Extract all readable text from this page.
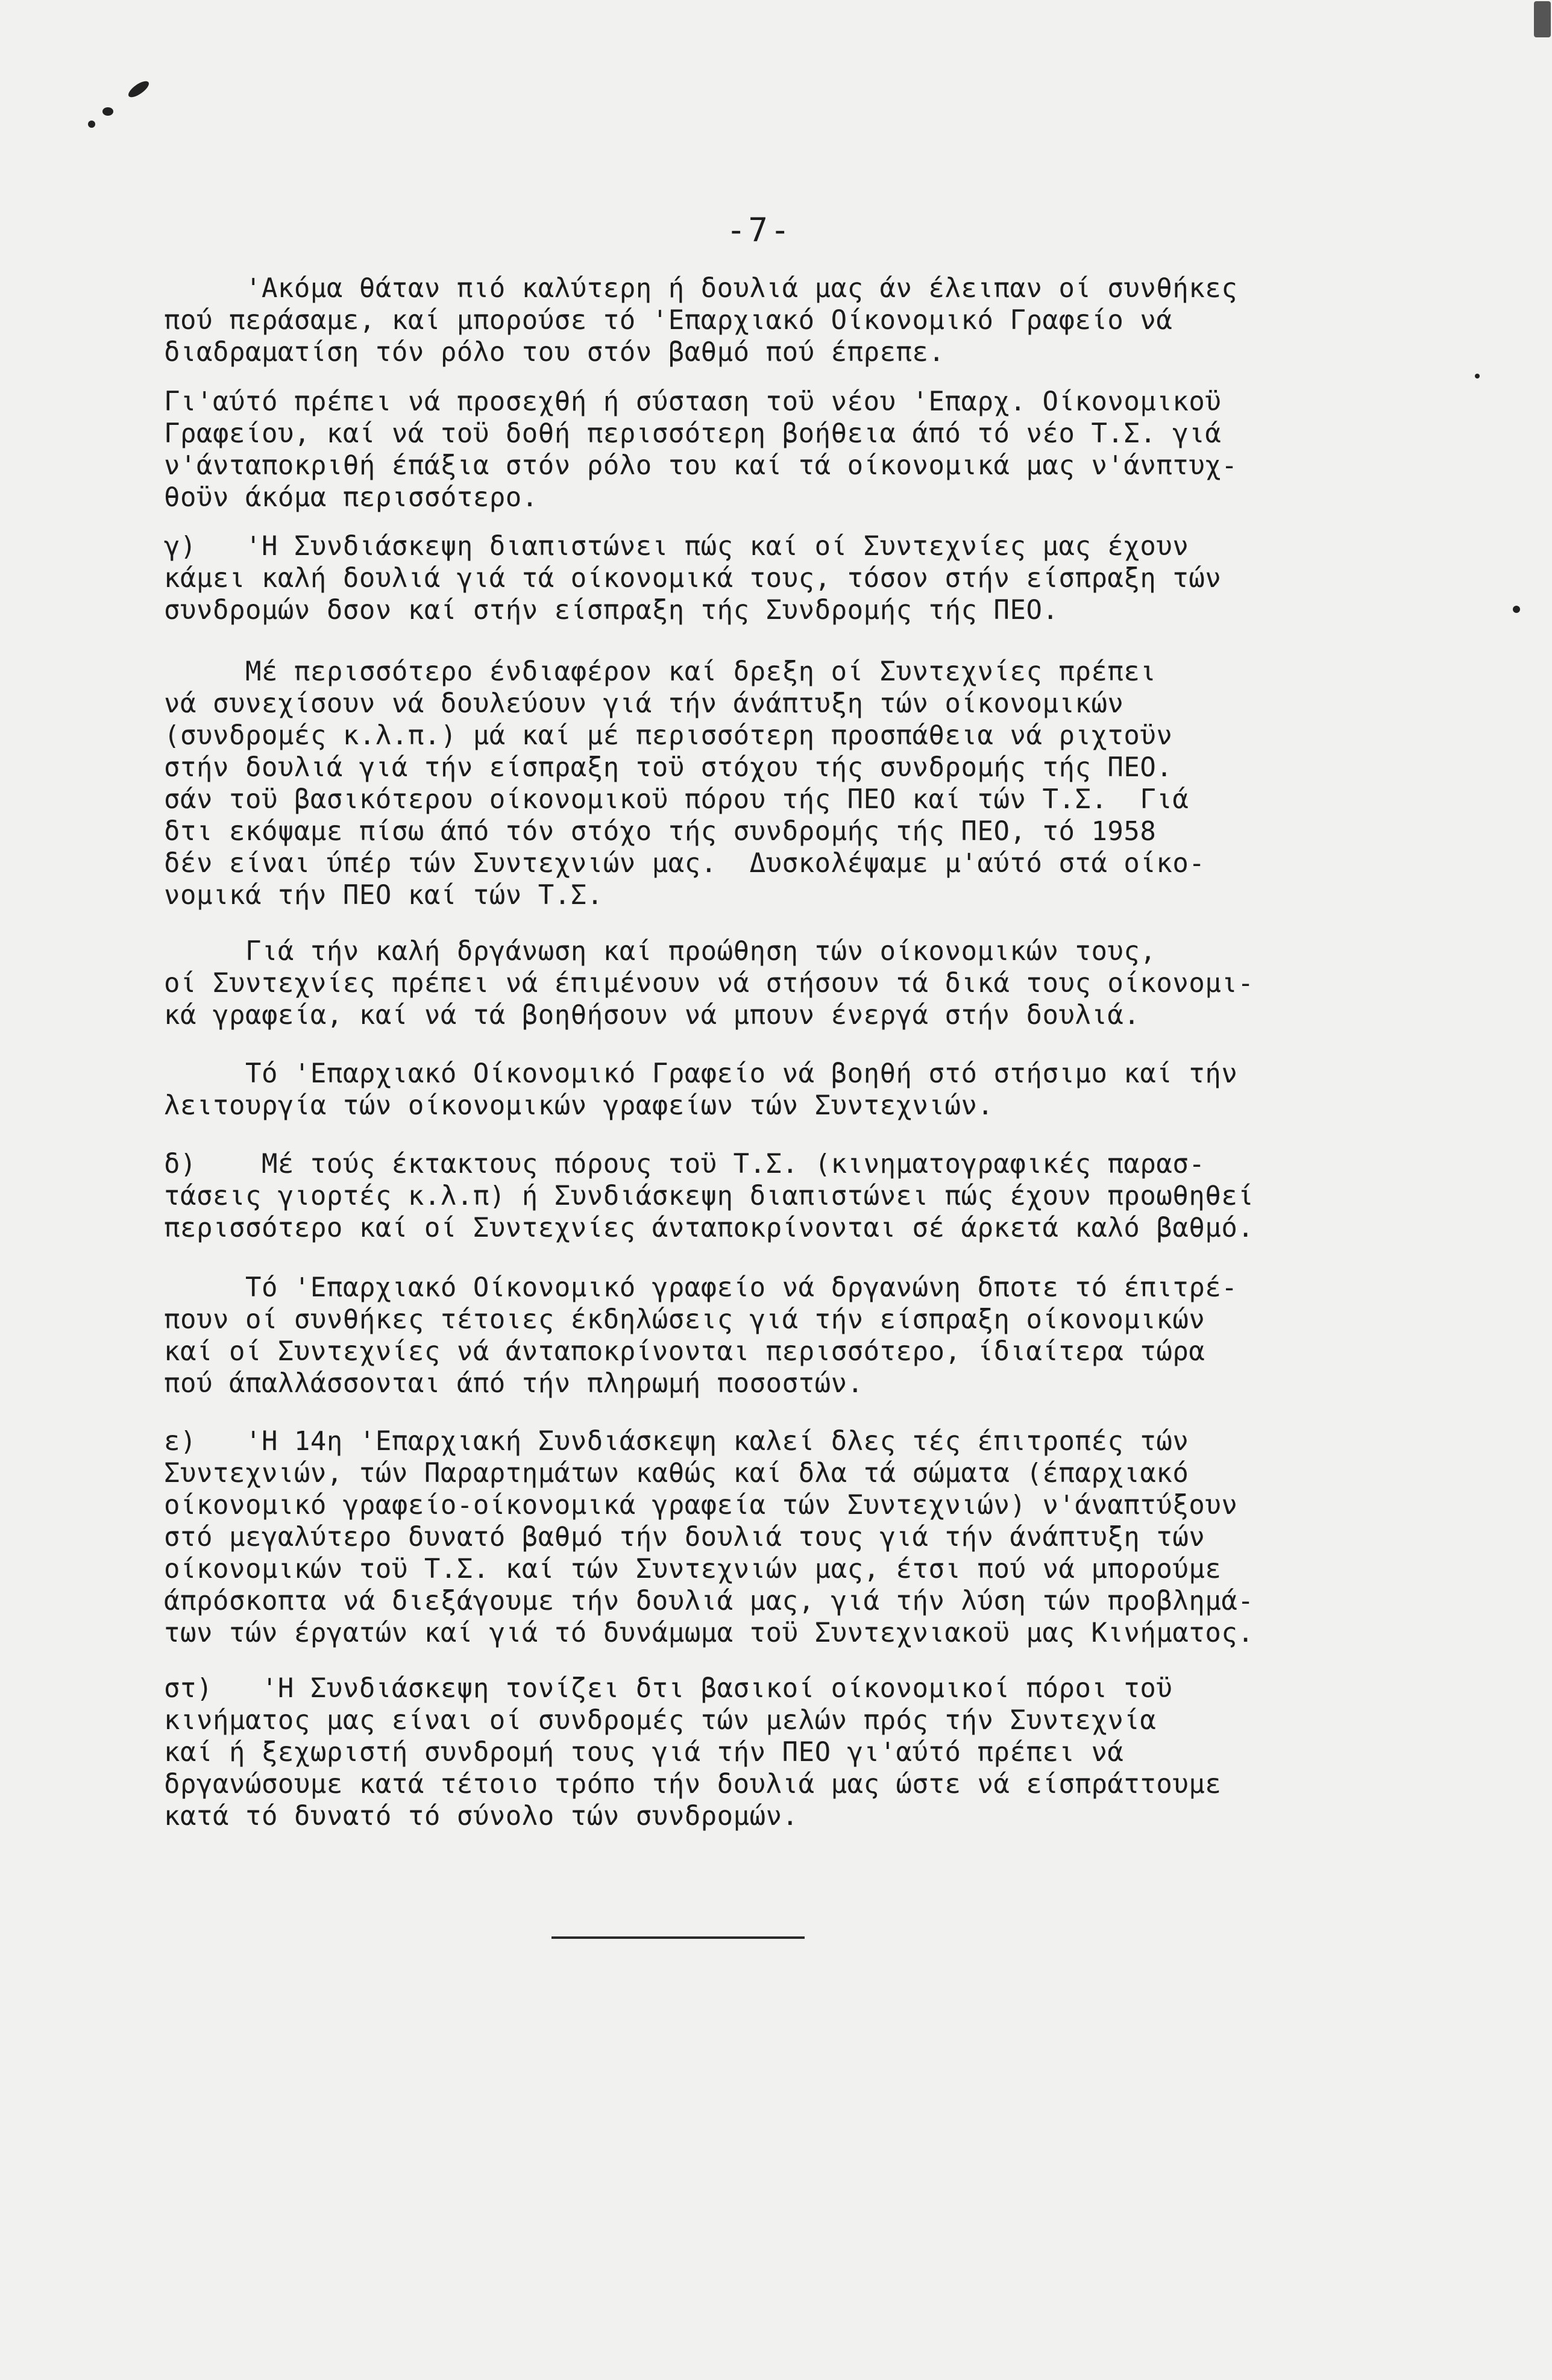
-7-
'Ακόμα θάταν πιό καλύτερη ή δουλιά μας άν έλειπαν οί συνθήκες
πού περάσαμε, καί μπορούσε τό 'Επαρχιακό Οίκονομικό Γραφείο νά
διαδραματίση τόν ρόλο του στόν βαθμό πού έπρεπε.
Γι'αύτό πρέπει νά προσεχθή ή σύσταση τοϋ νέου 'Επαρχ. Οίκονομικοϋ
Γραφείου, καί νά τοϋ δοθή περισσότερη βοήθεια άπό τό νέο Τ.Σ. γιά
ν'άνταποκριθή έπάξια στόν ρόλο του καί τά οίκονομικά μας ν'άνπτυχ-
θοϋν άκόμα περισσότερο.
γ)   'Η Συνδιάσκεψη διαπιστώνει πώς καί οί Συντεχνίες μας έχουν
κάμει καλή δουλιά γιά τά οίκονομικά τους, τόσον στήν είσπραξη τών
συνδρομών δσον καί στήν είσπραξη τής Συνδρομής τής ΠΕΟ.
Μέ περισσότερο ένδιαφέρον καί δρεξη οί Συντεχνίες πρέπει
νά συνεχίσουν νά δουλεύουν γιά τήν άνάπτυξη τών οίκονομικών
(συνδρομές κ.λ.π.) μά καί μέ περισσότερη προσπάθεια νά ριχτοϋν
στήν δουλιά γιά τήν είσπραξη τοϋ στόχου τής συνδρομής τής ΠΕΟ.
σάν τοϋ βασικότερου οίκονομικοϋ πόρου τής ΠΕΟ καί τών Τ.Σ.  Γιά
δτι εκόψαμε πίσω άπό τόν στόχο τής συνδρομής τής ΠΕΟ, τό 1958
δέν είναι ύπέρ τών Συντεχνιών μας.  Δυσκολέψαμε μ'αύτό στά οίκο-
νομικά τήν ΠΕΟ καί τών Τ.Σ.
Γιά τήν καλή δργάνωση καί προώθηση τών οίκονομικών τους,
οί Συντεχνίες πρέπει νά έπιμένουν νά στήσουν τά δικά τους οίκονομι-
κά γραφεία, καί νά τά βοηθήσουν νά μπουν ένεργά στήν δουλιά.
Τό 'Επαρχιακό Οίκονομικό Γραφείο νά βοηθή στό στήσιμο καί τήν
λειτουργία τών οίκονομικών γραφείων τών Συντεχνιών.
δ)    Μέ τούς έκτακτους πόρους τοϋ Τ.Σ. (κινηματογραφικές παρασ-
τάσεις γιορτές κ.λ.π) ή Συνδιάσκεψη διαπιστώνει πώς έχουν προωθηθεί
περισσότερο καί οί Συντεχνίες άνταποκρίνονται σέ άρκετά καλό βαθμό.
Τό 'Επαρχιακό Οίκονομικό γραφείο νά δργανώνη δποτε τό έπιτρέ-
πουν οί συνθήκες τέτοιες έκδηλώσεις γιά τήν είσπραξη οίκονομικών
καί οί Συντεχνίες νά άνταποκρίνονται περισσότερο, ίδιαίτερα τώρα
πού άπαλλάσσονται άπό τήν πληρωμή ποσοστών.
ε)   'Η 14η 'Επαρχιακή Συνδιάσκεψη καλεί δλες τές έπιτροπές τών
Συντεχνιών, τών Παραρτημάτων καθώς καί δλα τά σώματα (έπαρχιακό
οίκονομικό γραφείο-οίκονομικά γραφεία τών Συντεχνιών) ν'άναπτύξουν
στό μεγαλύτερο δυνατό βαθμό τήν δουλιά τους γιά τήν άνάπτυξη τών
οίκονομικών τοϋ Τ.Σ. καί τών Συντεχνιών μας, έτσι πού νά μπορούμε
άπρόσκοπτα νά διεξάγουμε τήν δουλιά μας, γιά τήν λύση τών προβλημά-
των τών έργατών καί γιά τό δυνάμωμα τοϋ Συντεχνιακοϋ μας Κινήματος.
στ)   'Η Συνδιάσκεψη τονίζει δτι βασικοί οίκονομικοί πόροι τοϋ
κινήματος μας είναι οί συνδρομές τών μελών πρός τήν Συντεχνία
καί ή ξεχωριστή συνδρομή τους γιά τήν ΠΕΟ γι'αύτό πρέπει νά
δργανώσουμε κατά τέτοιο τρόπο τήν δουλιά μας ώστε νά είσπράττουμε
κατά τό δυνατό τό σύνολο τών συνδρομών.
